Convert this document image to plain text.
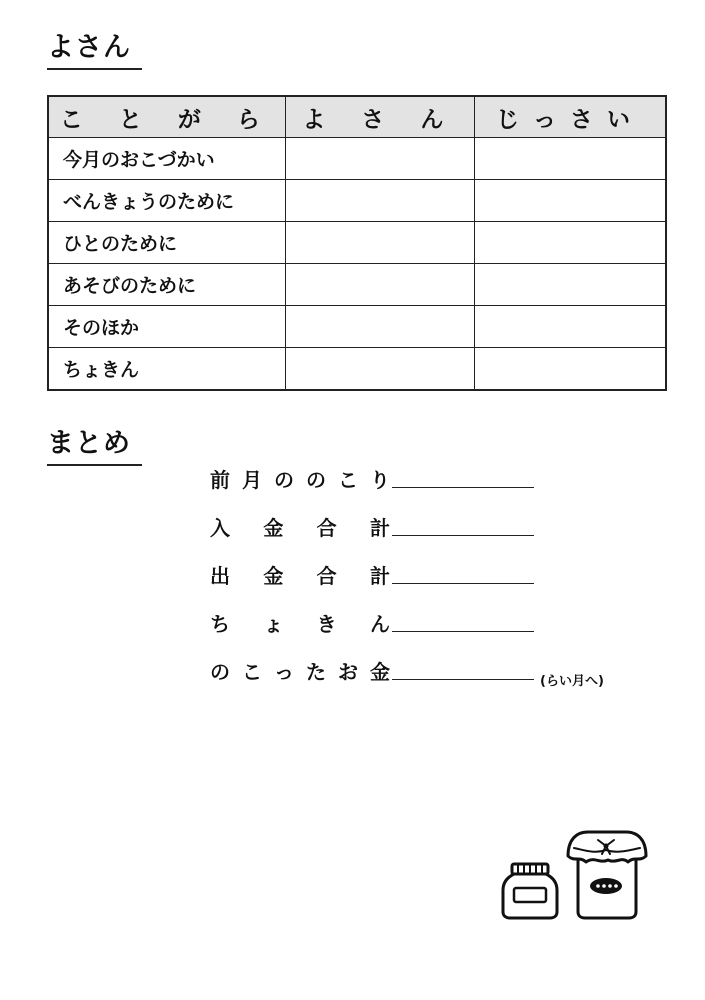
よさん
こ と が ら	よ さ ん	じっさい
今月のおこづかい		
べんきょうのために		
ひとのために		
あそびのために		
そのほか		
ちょきん		
まとめ
前 月 の の こ り
入 金 合 計
出 金 合 計
ち ょ き ん
の こ っ た お 金	(らい月へ)
